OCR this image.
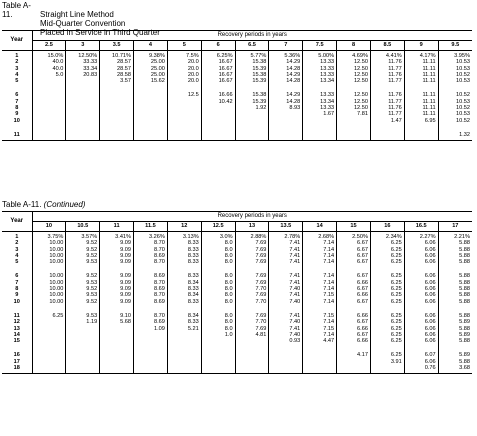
Table A-11.	Straight Line Method
Mid-Quarter Convention
Placed in Service in Third Quarter
Year	Recovery periods in years												
	2.5	3	3.5	4	5	6	6.5	7	7.5	8	8.5	9	9.5
1	15.0%	12.50%	10.71%	9.38%	7.5%	6.25%	5.77%	5.36%	5.00%	4.69%	4.41%	4.17%	3.95%
2	40.0	33.33	28.57	25.00	20.0	16.67	15.38	14.29	13.33	12.50	11.76	11.11	10.53
3	40.0	33.34	28.57	25.00	20.0	16.67	15.39	14.28	13.33	12.50	11.77	11.11	10.53
4	5.0	20.83	28.58	25.00	20.0	16.67	15.38	14.29	13.33	12.50	11.76	11.11	10.52
5			3.57	15.62	20.0	16.67	15.39	14.28	13.34	12.50	11.77	11.11	10.53

6					12.5	16.66	15.38	14.29	13.33	12.50	11.76	11.11	10.52
7						10.42	15.39	14.28	13.34	12.50	11.77	11.11	10.53
8							1.92	8.93	13.33	12.50	11.76	11.11	10.52
9									1.67	7.81	11.77	11.11	10.53
10											1.47	6.95	10.52

11													1.32
Table A-11. (Continued)
Year	Recovery periods in years												
	10	10.5	11	11.5	12	12.5	13	13.5	14	15	16	16.5	17
1	3.75%	3.57%	3.41%	3.26%	3.13%	3.0%	2.88%	2.78%	2.68%	2.50%	2.34%	2.27%	2.21%
2	10.00	9.52	9.09	8.70	8.33	8.0	7.69	7.41	7.14	6.67	6.25	6.06	5.88
3	10.00	9.52	9.09	8.70	8.33	8.0	7.69	7.41	7.14	6.67	6.25	6.06	5.88
4	10.00	9.52	9.09	8.69	8.33	8.0	7.69	7.41	7.14	6.67	6.25	6.06	5.88
5	10.00	9.53	9.09	8.70	8.33	8.0	7.69	7.41	7.14	6.67	6.25	6.06	5.88

6	10.00	9.52	9.09	8.69	8.33	8.0	7.69	7.41	7.14	6.67	6.25	6.06	5.88
7	10.00	9.53	9.09	8.70	8.34	8.0	7.69	7.41	7.14	6.66	6.25	6.06	5.88
8	10.00	9.52	9.09	8.69	8.33	8.0	7.70	7.40	7.14	6.67	6.25	6.06	5.88
9	10.00	9.53	9.09	8.70	8.34	8.0	7.69	7.41	7.15	6.66	6.25	6.06	5.88
10	10.00	9.52	9.09	8.69	8.33	8.0	7.70	7.40	7.14	6.67	6.25	6.06	5.88

11	6.25	9.53	9.10	8.70	8.34	8.0	7.69	7.41	7.15	6.66	6.25	6.06	5.88
12		1.19	5.68	8.69	8.33	8.0	7.70	7.40	7.14	6.67	6.25	6.06	5.89
13				1.09	5.21	8.0	7.69	7.41	7.15	6.66	6.25	6.06	5.88
14						1.0	4.81	7.40	7.14	6.67	6.25	6.06	5.89
15								0.93	4.47	6.66	6.25	6.06	5.88

16										4.17	6.25	6.07	5.89
17											3.91	6.06	5.88
18												0.76	3.68
